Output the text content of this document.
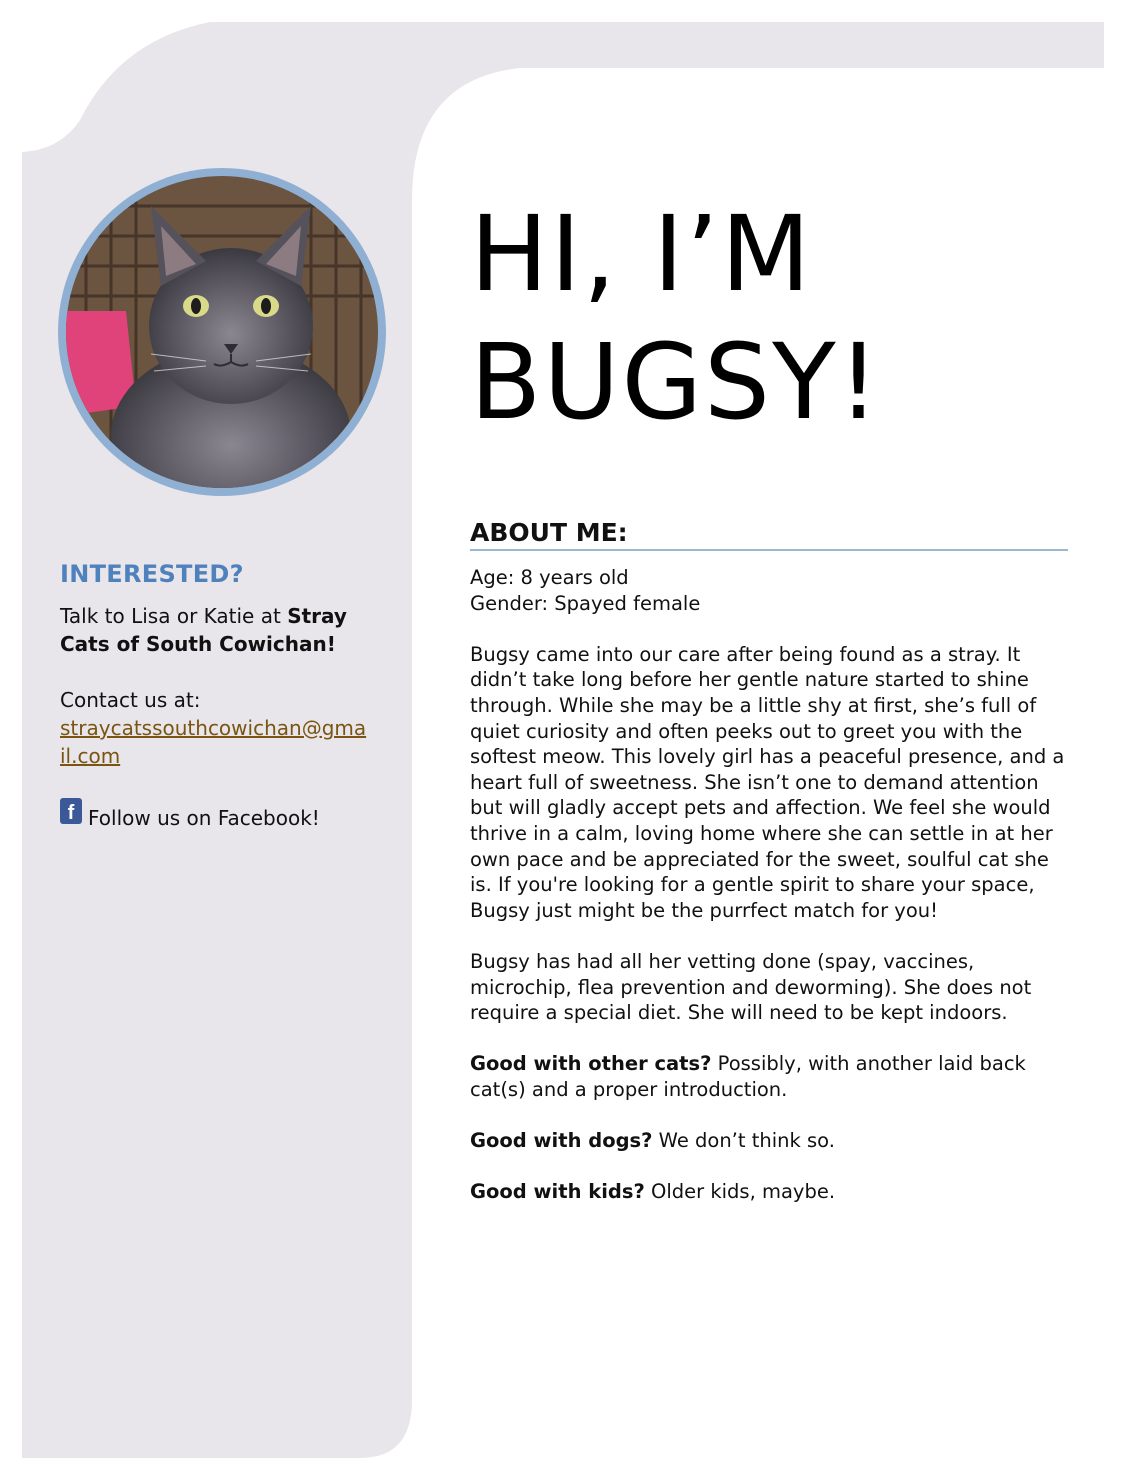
INTERESTED?

Talk to Lisa or Katie at Stray Cats of South Cowichan!

Contact us at:

straycatssouthcowichan@gmail.com
f Follow us on Facebook!
HI, I’M
BUGSY!
ABOUT ME:

Age: 8 years old

Gender: Spayed female

Bugsy came into our care after being found as a stray. It didn’t take long before her gentle nature started to shine through. While she may be a little shy at first, she’s full of quiet curiosity and often peeks out to greet you with the softest meow. This lovely girl has a peaceful presence, and a heart full of sweetness. She isn’t one to demand attention but will gladly accept pets and affection. We feel she would thrive in a calm, loving home where she can settle in at her own pace and be appreciated for the sweet, soulful cat she is. If you're looking for a gentle spirit to share your space, Bugsy just might be the purrfect match for you!

Bugsy has had all her vetting done (spay, vaccines, microchip, flea prevention and deworming). She does not require a special diet. She will need to be kept indoors.

Good with other cats? Possibly, with another laid back cat(s) and a proper introduction.

Good with dogs? We don’t think so.

Good with kids? Older kids, maybe.
